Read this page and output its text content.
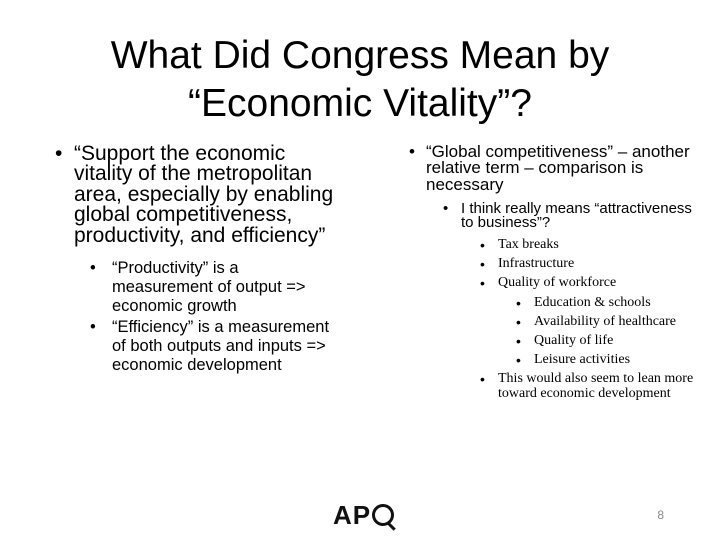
What Did Congress Mean by
“Economic Vitality”?

• “Support the economic vitality of the metropolitan area, especially by enabling global competitiveness, productivity, and efficiency”

• “Productivity” is a measurement of output => economic growth

• “Efficiency” is a measurement of both outputs and inputs => economic development

• “Global competitiveness” – another relative term – comparison is necessary

• I think really means “attractiveness to business”?

• Tax breaks

• Infrastructure

• Quality of workforce

• Education & schools

• Availability of healthcare

• Quality of life

• Leisure activities

• This would also seem to lean more toward economic development

AP	8
